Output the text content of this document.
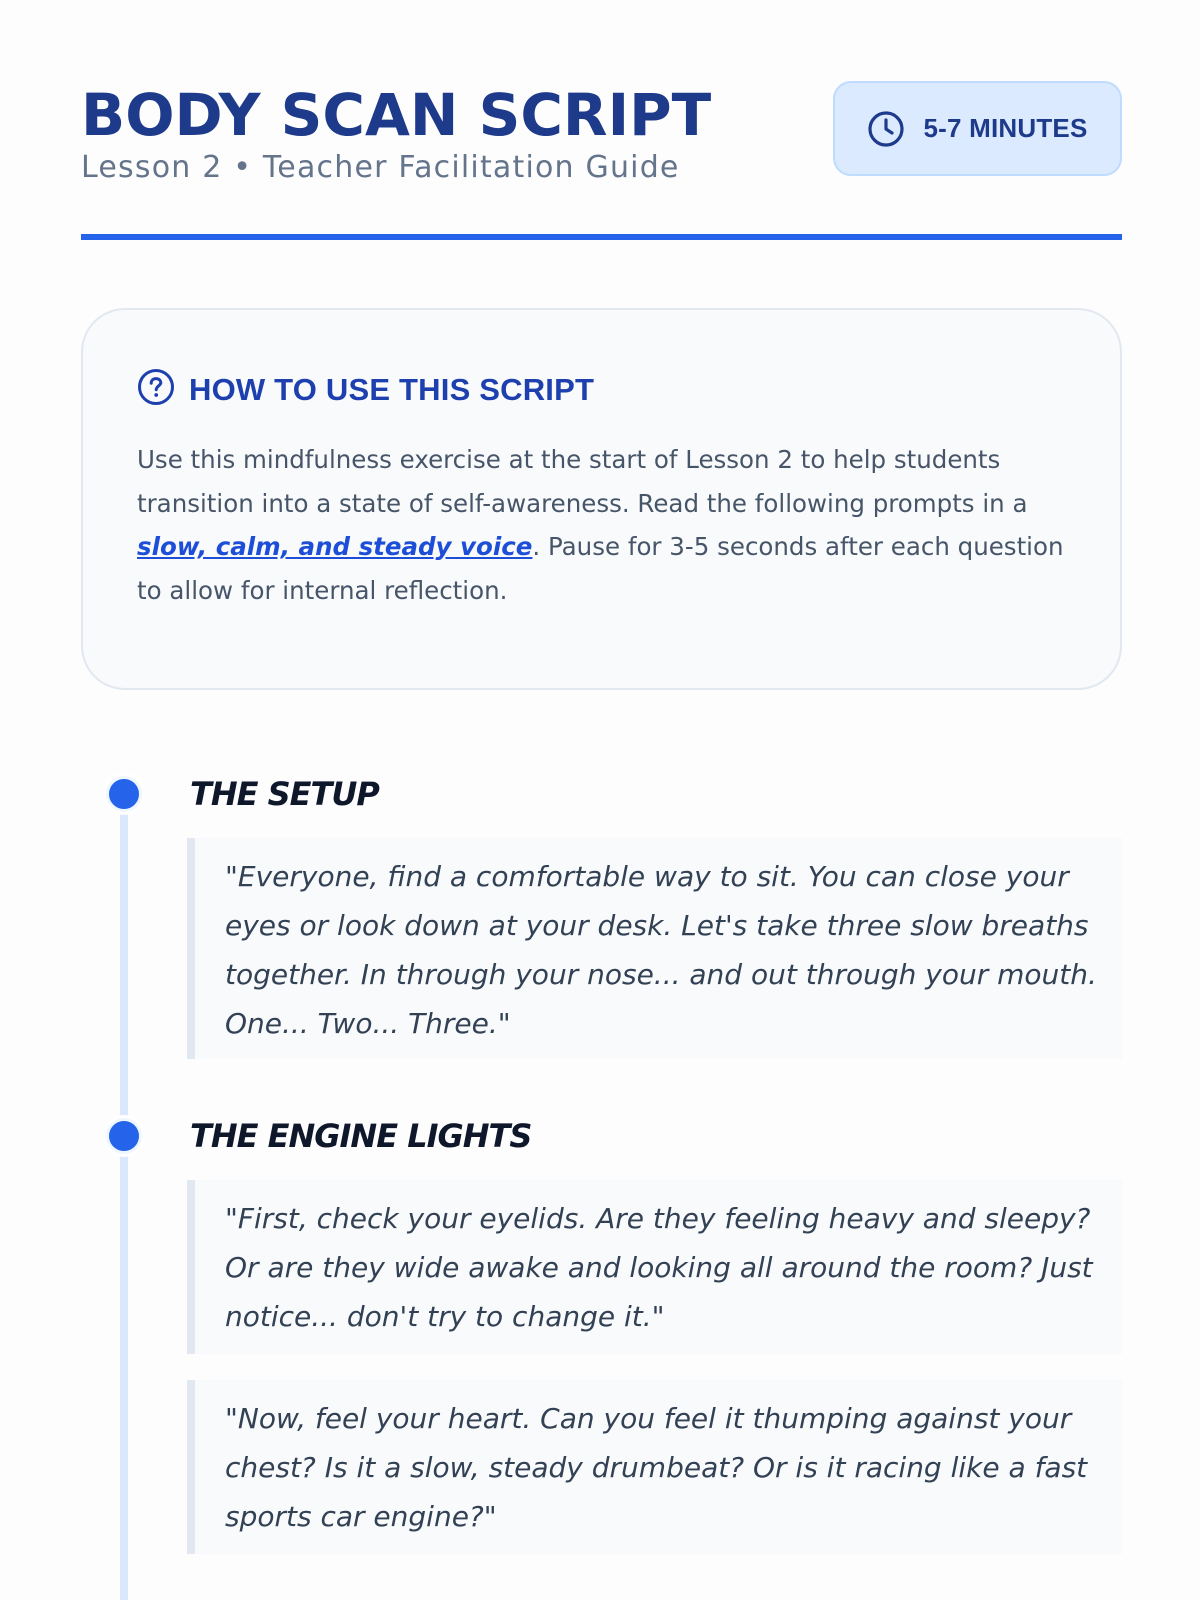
BODY SCAN SCRIPT
Lesson 2 • Teacher Facilitation Guide
5-7 MINUTES
HOW TO USE THIS SCRIPT
Use this mindfulness exercise at the start of Lesson 2 to help students transition into a state of self-awareness. Read the following prompts in a slow, calm, and steady voice. Pause for 3-5 seconds after each question to allow for internal reflection.
THE SETUP
"Everyone, find a comfortable way to sit. You can close your eyes or look down at your desk. Let's take three slow breaths together. In through your nose... and out through your mouth. One... Two... Three."
THE ENGINE LIGHTS
"First, check your eyelids. Are they feeling heavy and sleepy? Or are they wide awake and looking all around the room? Just notice... don't try to change it."
"Now, feel your heart. Can you feel it thumping against your chest? Is it a slow, steady drumbeat? Or is it racing like a fast sports car engine?"
